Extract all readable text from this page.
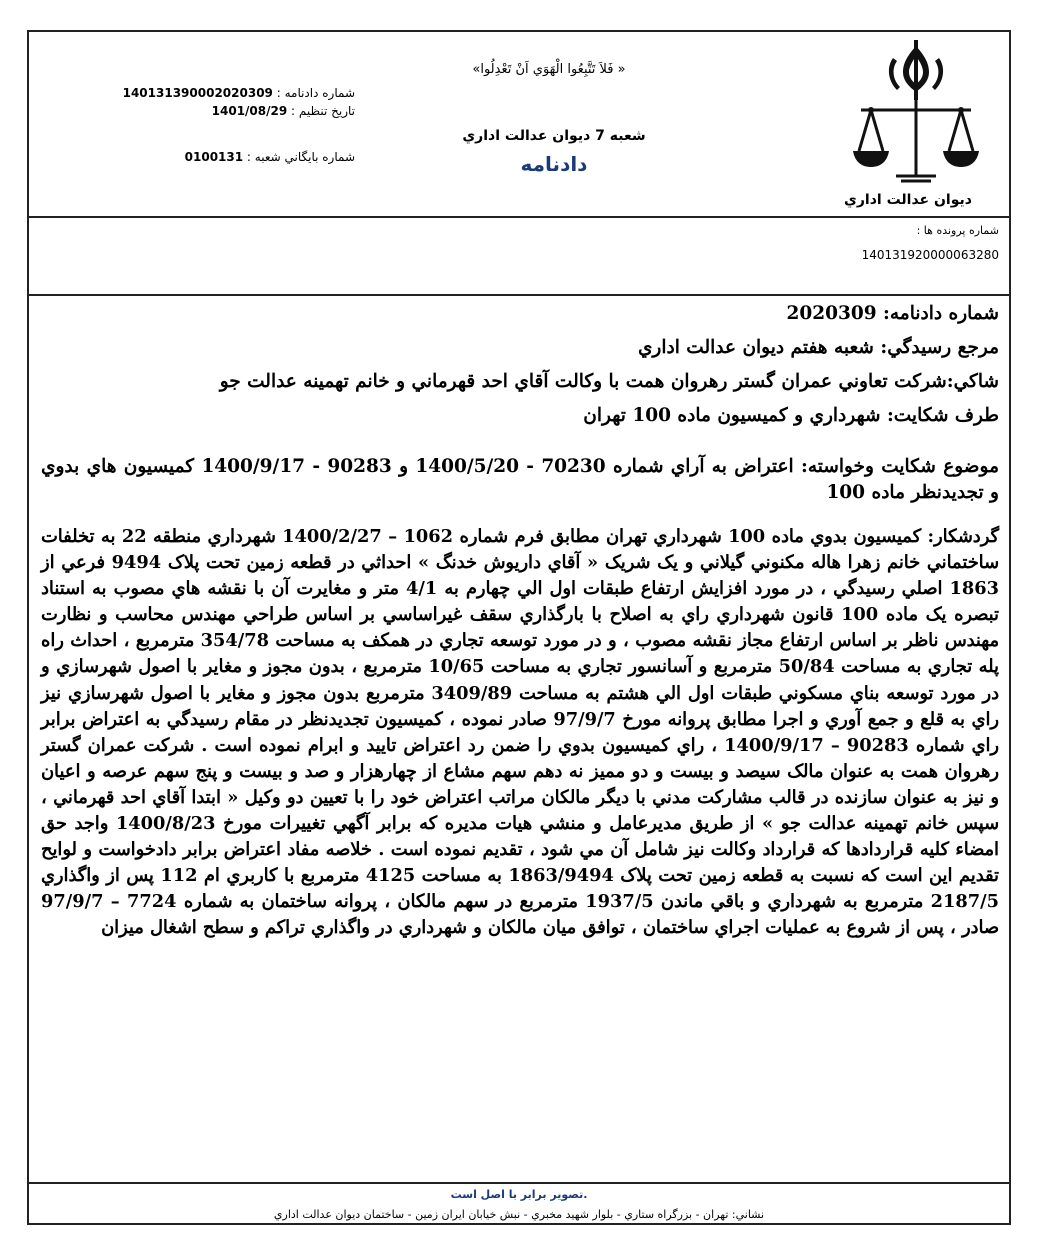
ديوان عدالت اداري
«فَلاَ تَتَّبِعُوا الْهَوَي اَنْ تَعْدِلُوا »
شعبه 7 دیوان عدالت اداري
دادنامه
شماره دادنامه : 140131390002020309
تاريخ تنظيم : 1401/08/29
شماره بايگاني شعبه : 0100131
شماره پرونده ها :
140131920000063280

شماره دادنامه: 2020309

مرجع رسيدگي: شعبه هفتم ديوان عدالت اداري

شاكي:شركت تعاوني عمران گستر رهروان همت با وكالت آقاي احد قهرماني و خانم تهمينه عدالت جو

طرف شكايت: شهرداري و كميسيون ماده 100 تهران

موضوع شكايت وخواسته: اعتراض به آراي شماره 70230 - 1400/5/20 و 90283 - 1400/9/17 كميسيون هاي بدوي و تجديدنظر ماده 100

گردشكار: كميسيون بدوي ماده 100 شهرداري تهران مطابق فرم شماره 1062 – 1400/2/27 شهرداري منطقه 22 به تخلفات ساختماني خانم زهرا هاله مكنوني گيلاني و يک شريک « آقاي داريوش خدنگ » احداثي در قطعه زمين تحت پلاک 9494 فرعي از 1863 اصلي رسيدگي ، در مورد افزايش ارتفاع طبقات اول الي چهارم به 4/1 متر و مغايرت آن با نقشه هاي مصوب به استناد تبصره يک ماده 100 قانون شهرداري راي به اصلاح با بارگذاري سقف غيراساسي بر اساس طراحي مهندس محاسب و نظارت مهندس ناظر بر اساس ارتفاع مجاز نقشه مصوب ، و در مورد توسعه تجاري در همكف به مساحت 354/78 مترمربع ، احداث راه پله تجاري به مساحت 50/84 مترمربع و آسانسور تجاري به مساحت 10/65 مترمربع ، بدون مجوز و مغاير با اصول شهرسازي و در مورد توسعه بناي مسكوني طبقات اول الي هشتم به مساحت 3409/89 مترمربع بدون مجوز و مغاير با اصول شهرسازي نيز راي به قلع و جمع آوري و اجرا مطابق پروانه مورخ 97/9/7 صادر نموده ، كميسيون تجديدنظر در مقام رسيدگي به اعتراض برابر راي شماره 90283 – 1400/9/17 ، راي كميسيون بدوي را ضمن رد اعتراض تاييد و ابرام نموده است . شركت عمران گستر رهروان همت به عنوان مالک سيصد و بيست و دو مميز نه دهم سهم مشاع از چهارهزار و صد و بيست و پنج سهم عرصه و اعيان و نيز به عنوان سازنده در قالب مشاركت مدني با ديگر مالكان مراتب اعتراض خود را با تعيين دو وكيل « ابتدا آقاي احد قهرماني ، سپس خانم تهمينه عدالت جو » از طريق مديرعامل و منشي هيات مديره كه برابر آگهي تغييرات مورخ 1400/8/23 واجد حق امضاء كليه قراردادها كه قرارداد وكالت نيز شامل آن مي شود ، تقديم نموده است . خلاصه مفاد اعتراض برابر دادخواست و لوايح تقديم اين است كه نسبت به قطعه زمين تحت پلاک 1863/9494 به مساحت 4125 مترمربع با كاربري ام 112 پس از واگذاري 2187/5 مترمربع به شهرداري و باقي ماندن 1937/5 مترمربع در سهم مالكان ، پروانه ساختمان به شماره 7724 – 97/9/7 صادر ، پس از شروع به عمليات اجراي ساختمان ، توافق ميان مالكان و شهرداري در واگذاري تراكم و سطح اشغال ميزان

تصوير برابر با اصل است.
نشاني: تهران - بزرگراه ستاري - بلوار شهيد مخبري - نبش خيابان ايران زمين - ساختمان ديوان عدالت اداري
